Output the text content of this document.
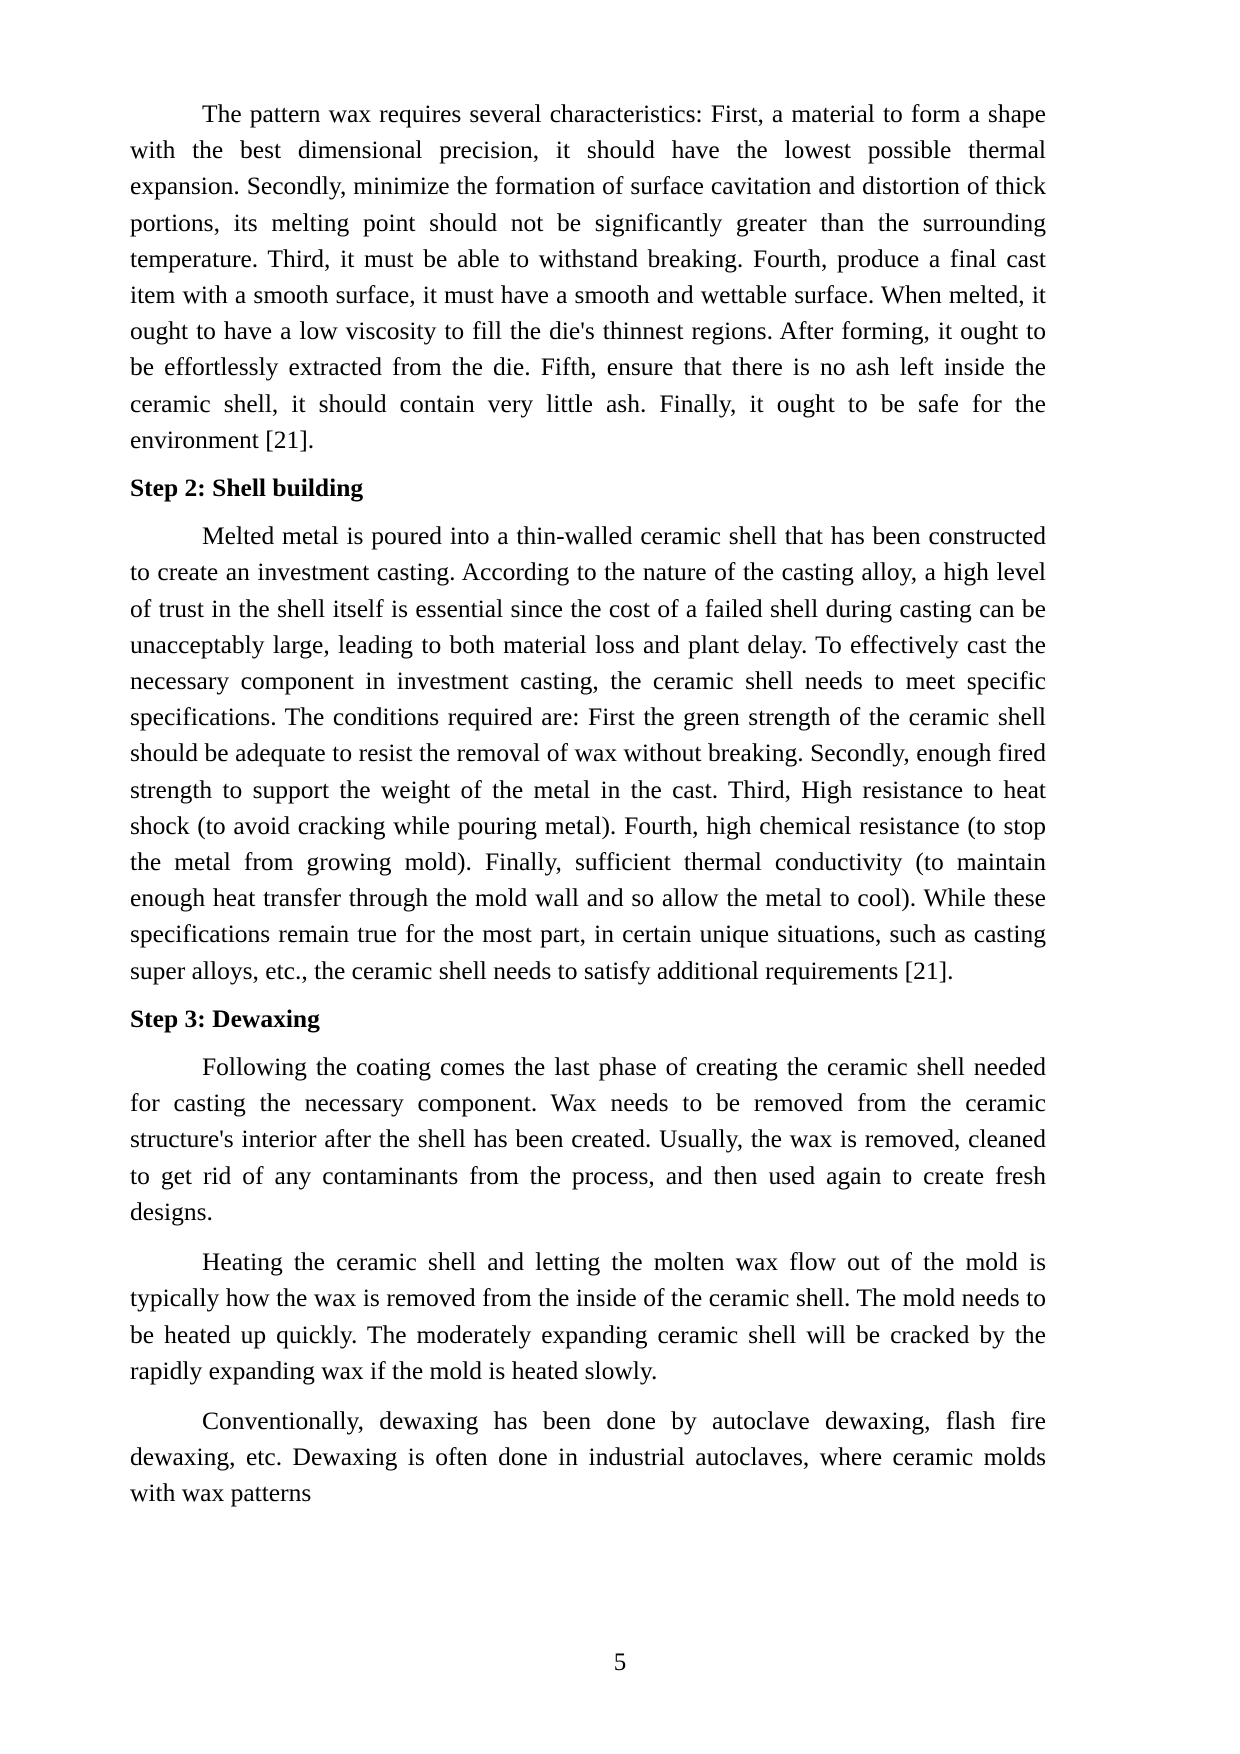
The pattern wax requires several characteristics: First, a material to form a shape with the best dimensional precision, it should have the lowest possible thermal expansion. Secondly, minimize the formation of surface cavitation and distortion of thick portions, its melting point should not be significantly greater than the surrounding temperature. Third, it must be able to withstand breaking. Fourth, produce a final cast item with a smooth surface, it must have a smooth and wettable surface. When melted, it ought to have a low viscosity to fill the die's thinnest regions. After forming, it ought to be effortlessly extracted from the die. Fifth, ensure that there is no ash left inside the ceramic shell, it should contain very little ash. Finally, it ought to be safe for the environment [21].

Step 2: Shell building

Melted metal is poured into a thin-walled ceramic shell that has been constructed to create an investment casting. According to the nature of the casting alloy, a high level of trust in the shell itself is essential since the cost of a failed shell during casting can be unacceptably large, leading to both material loss and plant delay. To effectively cast the necessary component in investment casting, the ceramic shell needs to meet specific specifications. The conditions required are: First the green strength of the ceramic shell should be adequate to resist the removal of wax without breaking. Secondly, enough fired strength to support the weight of the metal in the cast. Third, High resistance to heat shock (to avoid cracking while pouring metal). Fourth, high chemical resistance (to stop the metal from growing mold). Finally, sufficient thermal conductivity (to maintain enough heat transfer through the mold wall and so allow the metal to cool). While these specifications remain true for the most part, in certain unique situations, such as casting super alloys, etc., the ceramic shell needs to satisfy additional requirements [21].

Step 3: Dewaxing

Following the coating comes the last phase of creating the ceramic shell needed for casting the necessary component. Wax needs to be removed from the ceramic structure's interior after the shell has been created. Usually, the wax is removed, cleaned to get rid of any contaminants from the process, and then used again to create fresh designs.

Heating the ceramic shell and letting the molten wax flow out of the mold is typically how the wax is removed from the inside of the ceramic shell. The mold needs to be heated up quickly. The moderately expanding ceramic shell will be cracked by the rapidly expanding wax if the mold is heated slowly.

Conventionally, dewaxing has been done by autoclave dewaxing, flash fire dewaxing, etc. Dewaxing is often done in industrial autoclaves, where ceramic molds with wax patterns

5
